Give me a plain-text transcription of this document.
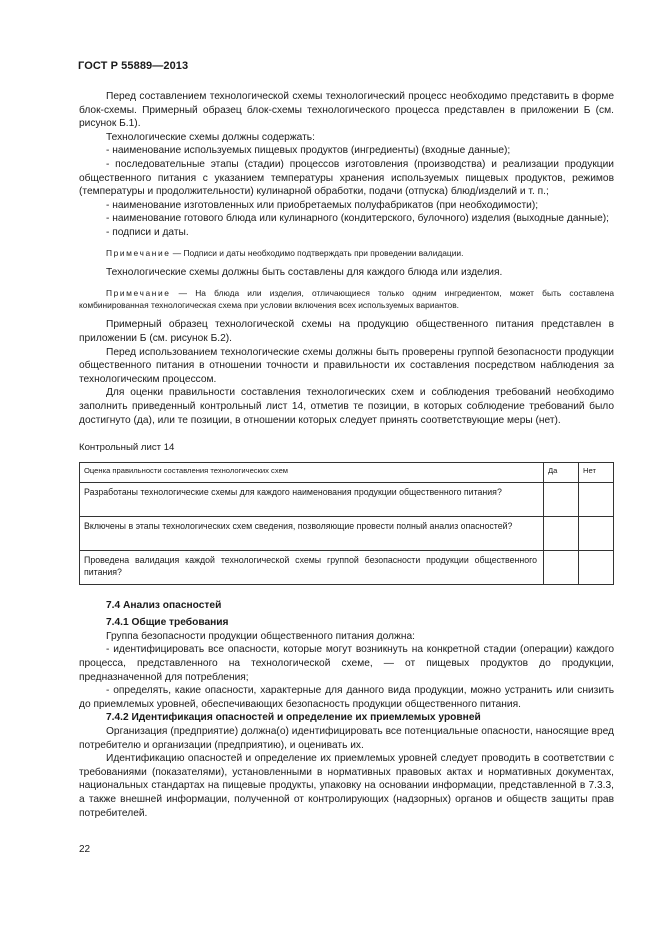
ГОСТ Р 55889—2013

Перед составлением технологической схемы технологический процесс необходимо представить в форме блок-схемы. Примерный образец блок-схемы технологического процесса представлен в приложении Б (см. рисунок Б.1).

Технологические схемы должны содержать:

- наименование используемых пищевых продуктов (ингредиенты) (входные данные);

- последовательные этапы (стадии) процессов изготовления (производства) и реализации продукции общественного питания с указанием температуры хранения используемых пищевых продуктов, режимов (температуры и продолжительности) кулинарной обработки, подачи (отпуска) блюд/изделий и т. п.;

- наименование изготовленных или приобретаемых полуфабрикатов (при необходимости);

- наименование готового блюда или кулинарного (кондитерского, булочного) изделия (выходные данные);

- подписи и даты.

Примечание — Подписи и даты необходимо подтверждать при проведении валидации.

Технологические схемы должны быть составлены для каждого блюда или изделия.

Примечание — На блюда или изделия, отличающиеся только одним ингредиентом, может быть составлена комбинированная технологическая схема при условии включения всех используемых вариантов.

Примерный образец технологической схемы на продукцию общественного питания представлен в приложении Б (см. рисунок Б.2).

Перед использованием технологические схемы должны быть проверены группой безопасности продукции общественного питания в отношении точности и правильности их составления посредством наблюдения за технологическим процессом.

Для оценки правильности составления технологических схем и соблюдения требований необходимо заполнить приведенный контрольный лист 14, отметив те позиции, в которых соблюдение требований было достигнуто (да), или те позиции, в отношении которых следует принять соответствующие меры (нет).

Контрольный лист 14

Оценка правильности составления технологических схем	Да	Нет
Разработаны технологические схемы для каждого наименования продукции общественного питания?		
Включены в этапы технологических схем сведения, позволяющие провести полный анализ опасностей?		
Проведена валидация каждой технологической схемы группой безопасности продукции общественного питания?		

7.4 Анализ опасностей

7.4.1 Общие требования

Группа безопасности продукции общественного питания должна:

- идентифицировать все опасности, которые могут возникнуть на конкретной стадии (операции) каждого процесса, представленного на технологической схеме, — от пищевых продуктов до продукции, предназначенной для потребления;

- определять, какие опасности, характерные для данного вида продукции, можно устранить или снизить до приемлемых уровней, обеспечивающих безопасность продукции общественного питания.

7.4.2 Идентификация опасностей и определение их приемлемых уровней

Организация (предприятие) должна(о) идентифицировать все потенциальные опасности, наносящие вред потребителю и организации (предприятию), и оценивать их.

Идентификацию опасностей и определение их приемлемых уровней следует проводить в соответствии с требованиями (показателями), установленными в нормативных правовых актах и нормативных документах, национальных стандартах на пищевые продукты, упаковку на основании информации, представленной в 7.3.3, а также внешней информации, полученной от контролирующих (надзорных) органов и обществ защиты прав потребителей.

22
